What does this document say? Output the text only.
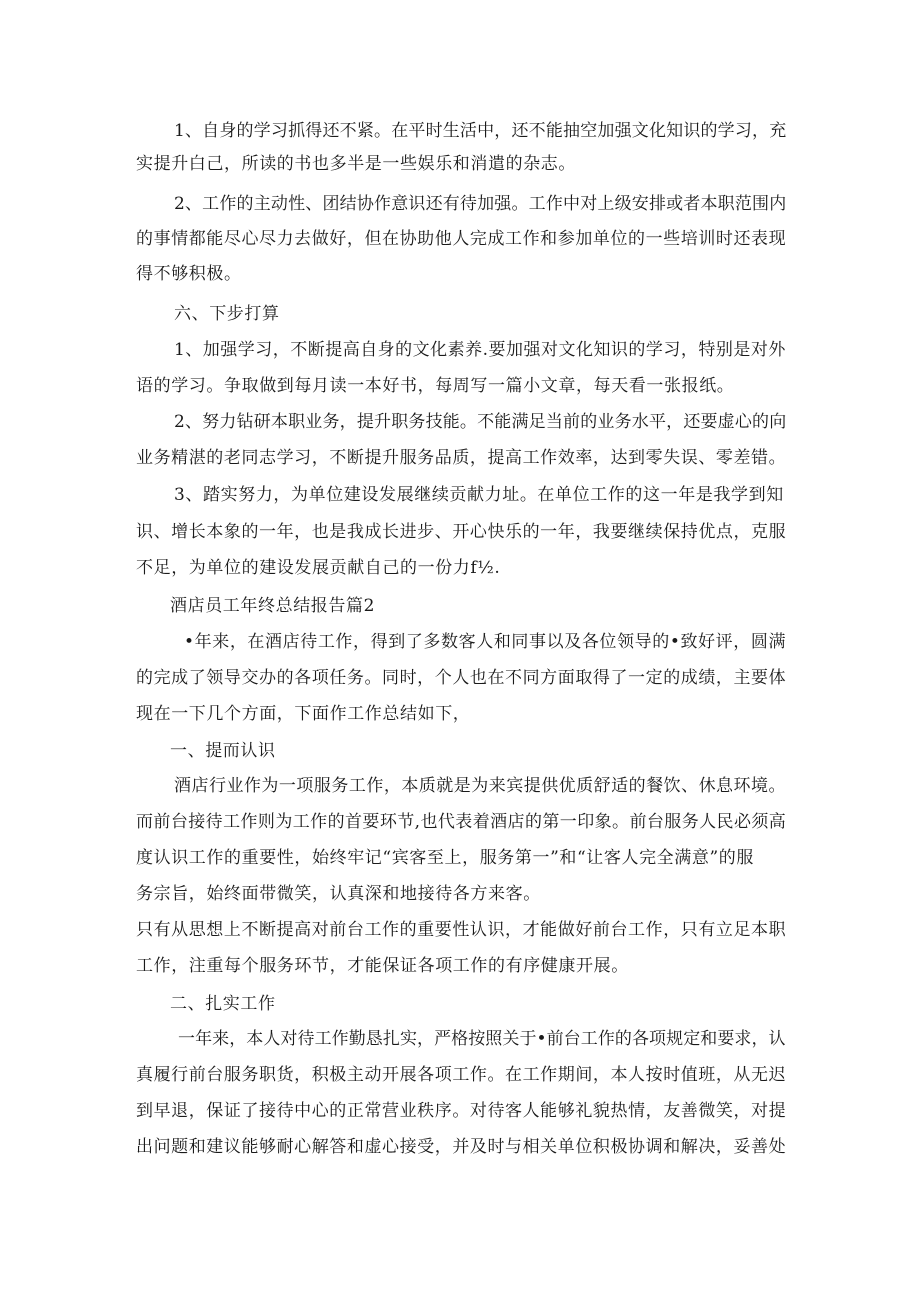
1、自身的学习抓得还不紧。在平时生活中，还不能抽空加强文化知识的学习，充
实提升白己，所读的书也多半是一些娱乐和消遣的杂志。
2、工作的主动性、团结协作意识还有待加强。工作中对上级安排或者本职范围内
的事情都能尽心尽力去做好，但在协助他人完成工作和参加单位的一些培训时还表现
得不够积极。
六、下步打算
1、加强学习，不断提高自身的文化素养.要加强对文化知识的学习，特别是对外
语的学习。争取做到每月读一本好书，每周写一篇小文章，每天看一张报纸。
2、努力钻研本职业务，提升职务技能。不能满足当前的业务水平，还要虚心的向
业务精湛的老同志学习，不断提升服务品质，提高工作效率，达到零失误、零差错。
3、踏实努力，为单位建设发展继续贡献力址。在单位工作的这一年是我学到知
识、增长本象的一年，也是我成长进步、开心快乐的一年，我要继续保持优点，克服
不足，为单位的建设发展贡献自己的一份力f½.
酒店员工年终总结报告篇2
•年来，在酒店待工作，得到了多数客人和同事以及各位领导的•致好评，圆满
的完成了领导交办的各项任务。同时，个人也在不同方面取得了一定的成绩，主要体
现在一下几个方面，下面作工作总结如下，
一、提而认识
酒店行业作为一项服务工作，本质就是为来宾提供优质舒适的餐饮、休息环境。
而前台接待工作则为工作的首要环节,也代表着酒店的第一印象。前台服务人民必须高
度认识工作的重要性，始终牢记“宾客至上，服务第一”和“让客人完全满意”的服
务宗旨，始终面带微笑，认真深和地接待各方来客。
只有从思想上不断提高对前台工作的重要性认识，才能做好前台工作，只有立足本职
工作，注重每个服务环节，才能保证各项工作的有序健康开展。
二、扎实工作
一年来，本人对待工作勤恳扎实，严格按照关于•前台工作的各项规定和要求，认
真履行前台服务职货，积极主动开展各项工作。在工作期间，本人按时值班，从无迟
到早退，保证了接待中心的正常营业秩序。对待客人能够礼貌热情，友善微笑，对提
出问题和建议能够耐心解答和虚心接受，并及时与相关单位积极协调和解决，妥善处
